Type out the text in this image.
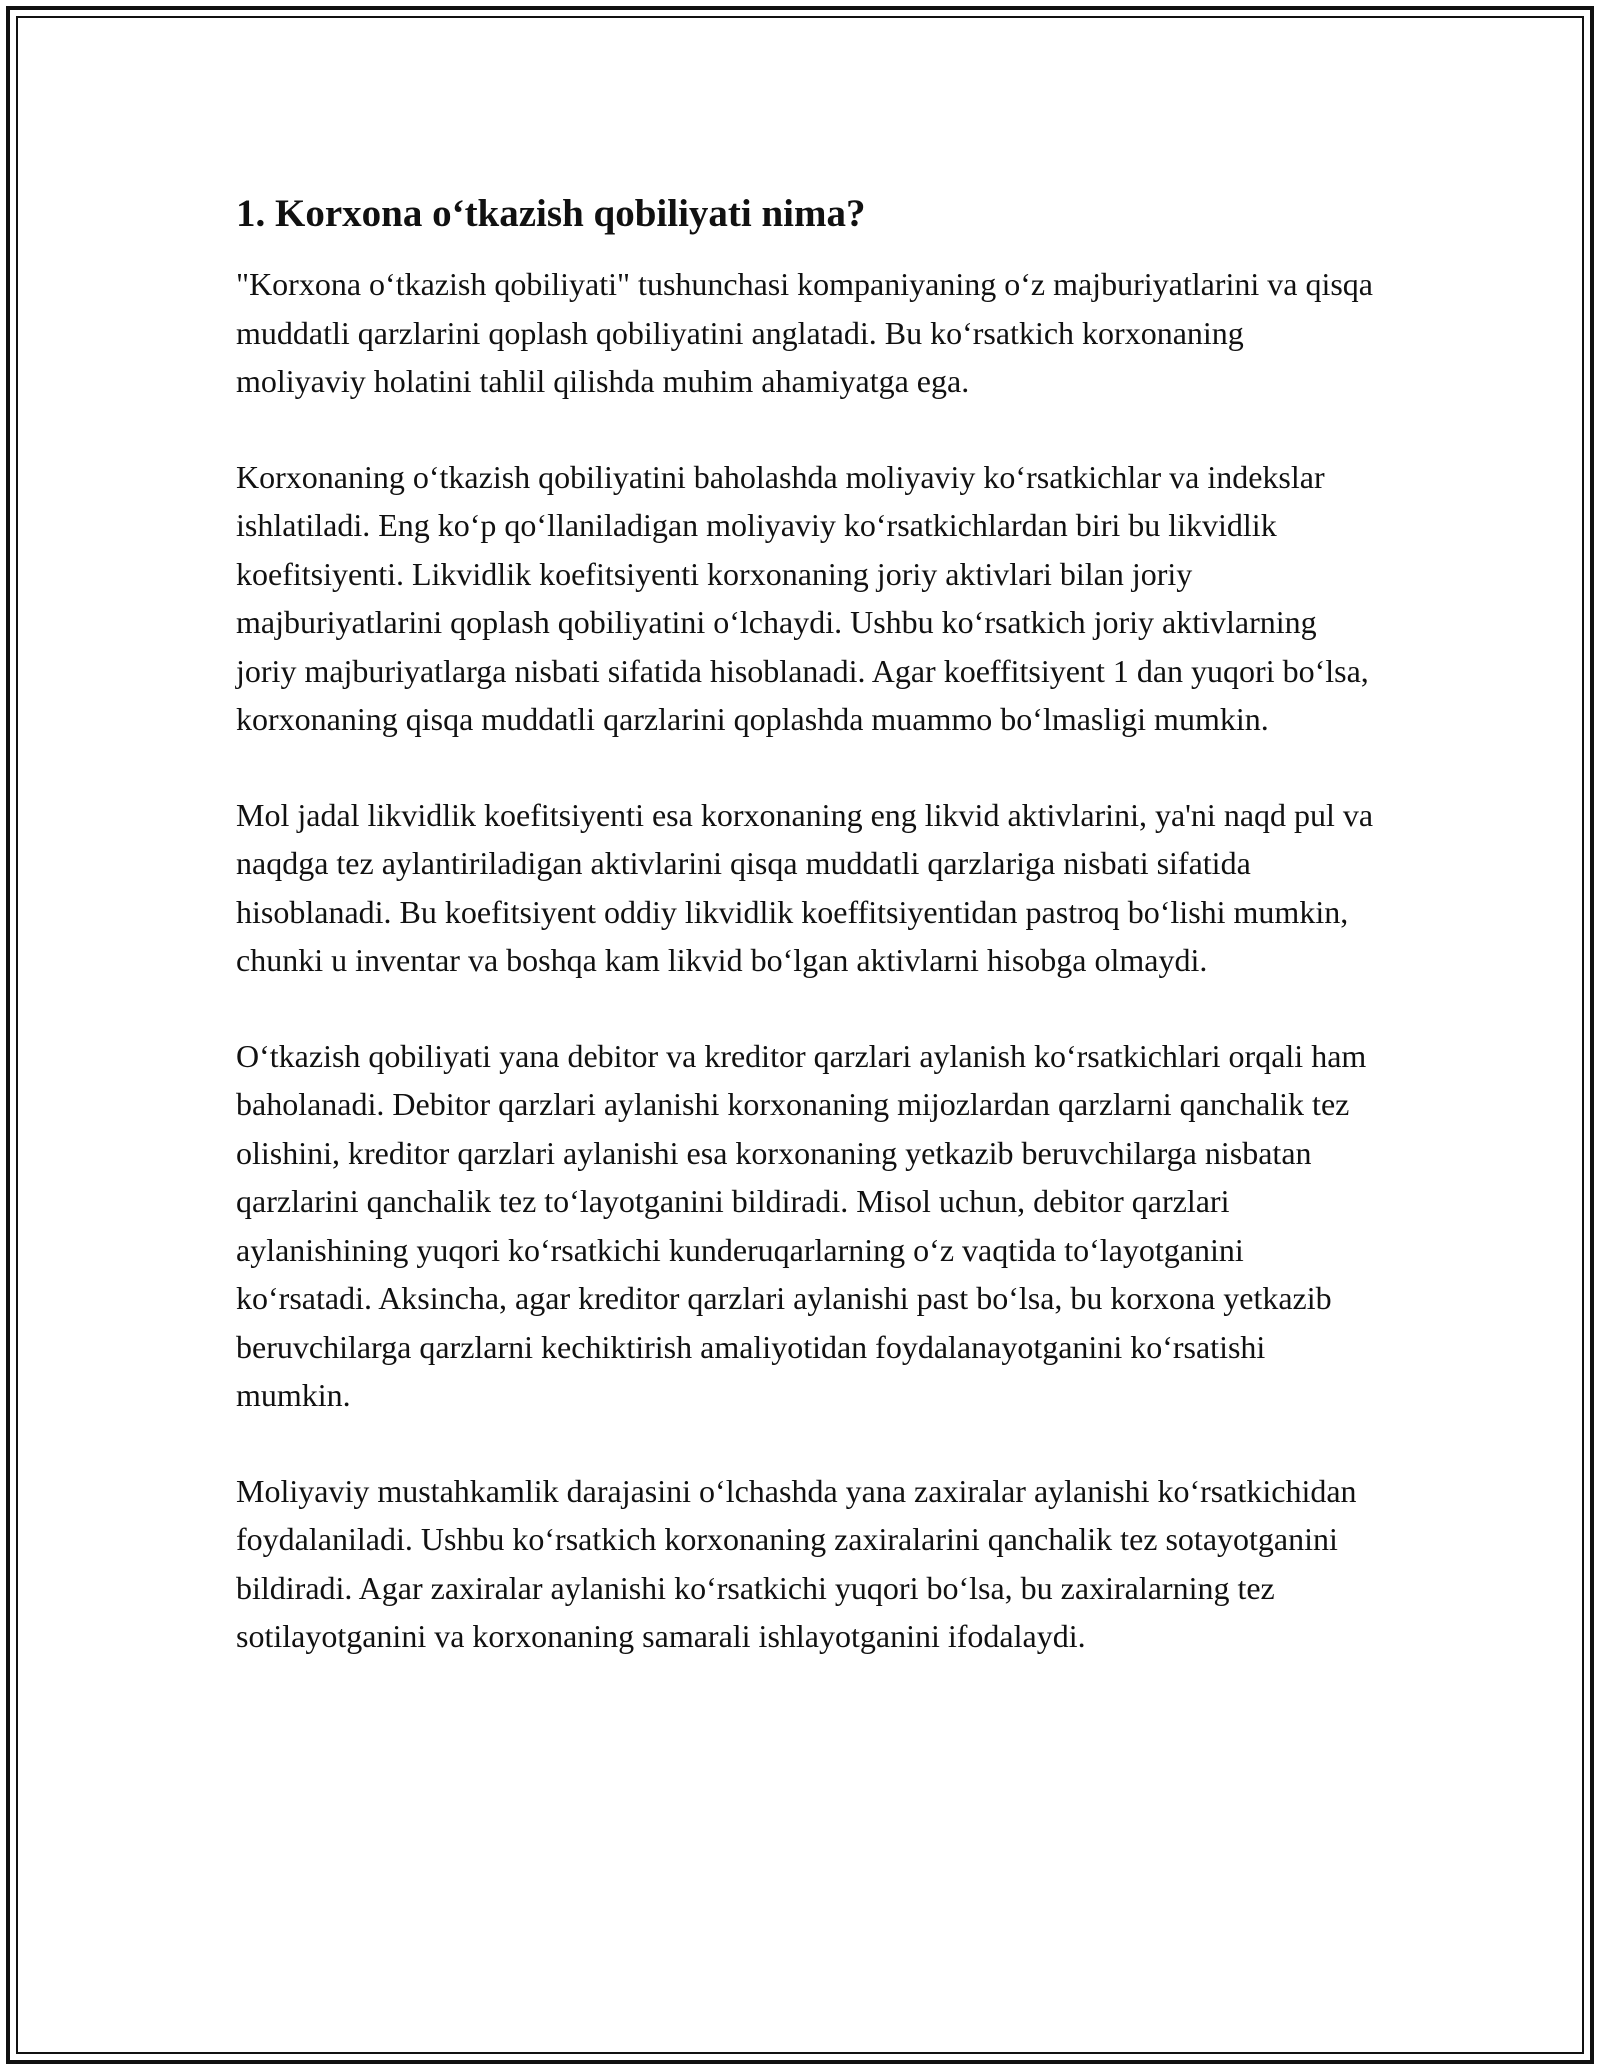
1. Korxona o‘tkazish qobiliyati nima?

"Korxona o‘tkazish qobiliyati" tushunchasi kompaniyaning o‘z majburiyatlarini va qisqa muddatli qarzlarini qoplash qobiliyatini anglatadi. Bu ko‘rsatkich korxonaning moliyaviy holatini tahlil qilishda muhim ahamiyatga ega.

Korxonaning o‘tkazish qobiliyatini baholashda moliyaviy ko‘rsatkichlar va indekslar ishlatiladi. Eng ko‘p qo‘llaniladigan moliyaviy ko‘rsatkichlardan biri bu likvidlik koefitsiyenti. Likvidlik koefitsiyenti korxonaning joriy aktivlari bilan joriy majburiyatlarini qoplash qobiliyatini o‘lchaydi. Ushbu ko‘rsatkich joriy aktivlarning joriy majburiyatlarga nisbati sifatida hisoblanadi. Agar koeffitsiyent 1 dan yuqori bo‘lsa, korxonaning qisqa muddatli qarzlarini qoplashda muammo bo‘lmasligi mumkin.

Mol jadal likvidlik koefitsiyenti esa korxonaning eng likvid aktivlarini, ya'ni naqd pul va naqdga tez aylantiriladigan aktivlarini qisqa muddatli qarzlariga nisbati sifatida hisoblanadi. Bu koefitsiyent oddiy likvidlik koeffitsiyentidan pastroq bo‘lishi mumkin, chunki u inventar va boshqa kam likvid bo‘lgan aktivlarni hisobga olmaydi.

O‘tkazish qobiliyati yana debitor va kreditor qarzlari aylanish ko‘rsatkichlari orqali ham baholanadi. Debitor qarzlari aylanishi korxonaning mijozlardan qarzlarni qanchalik tez olishini, kreditor qarzlari aylanishi esa korxonaning yetkazib beruvchilarga nisbatan qarzlarini qanchalik tez to‘layotganini bildiradi. Misol uchun, debitor qarzlari aylanishining yuqori ko‘rsatkichi kunderuqarlarning o‘z vaqtida to‘layotganini ko‘rsatadi. Aksincha, agar kreditor qarzlari aylanishi past bo‘lsa, bu korxona yetkazib beruvchilarga qarzlarni kechiktirish amaliyotidan foydalanayotganini ko‘rsatishi mumkin.

Moliyaviy mustahkamlik darajasini o‘lchashda yana zaxiralar aylanishi ko‘rsatkichidan foydalaniladi. Ushbu ko‘rsatkich korxonaning zaxiralarini qanchalik tez sotayotganini bildiradi. Agar zaxiralar aylanishi ko‘rsatkichi yuqori bo‘lsa, bu zaxiralarning tez sotilayotganini va korxonaning samarali ishlayotganini ifodalaydi.
